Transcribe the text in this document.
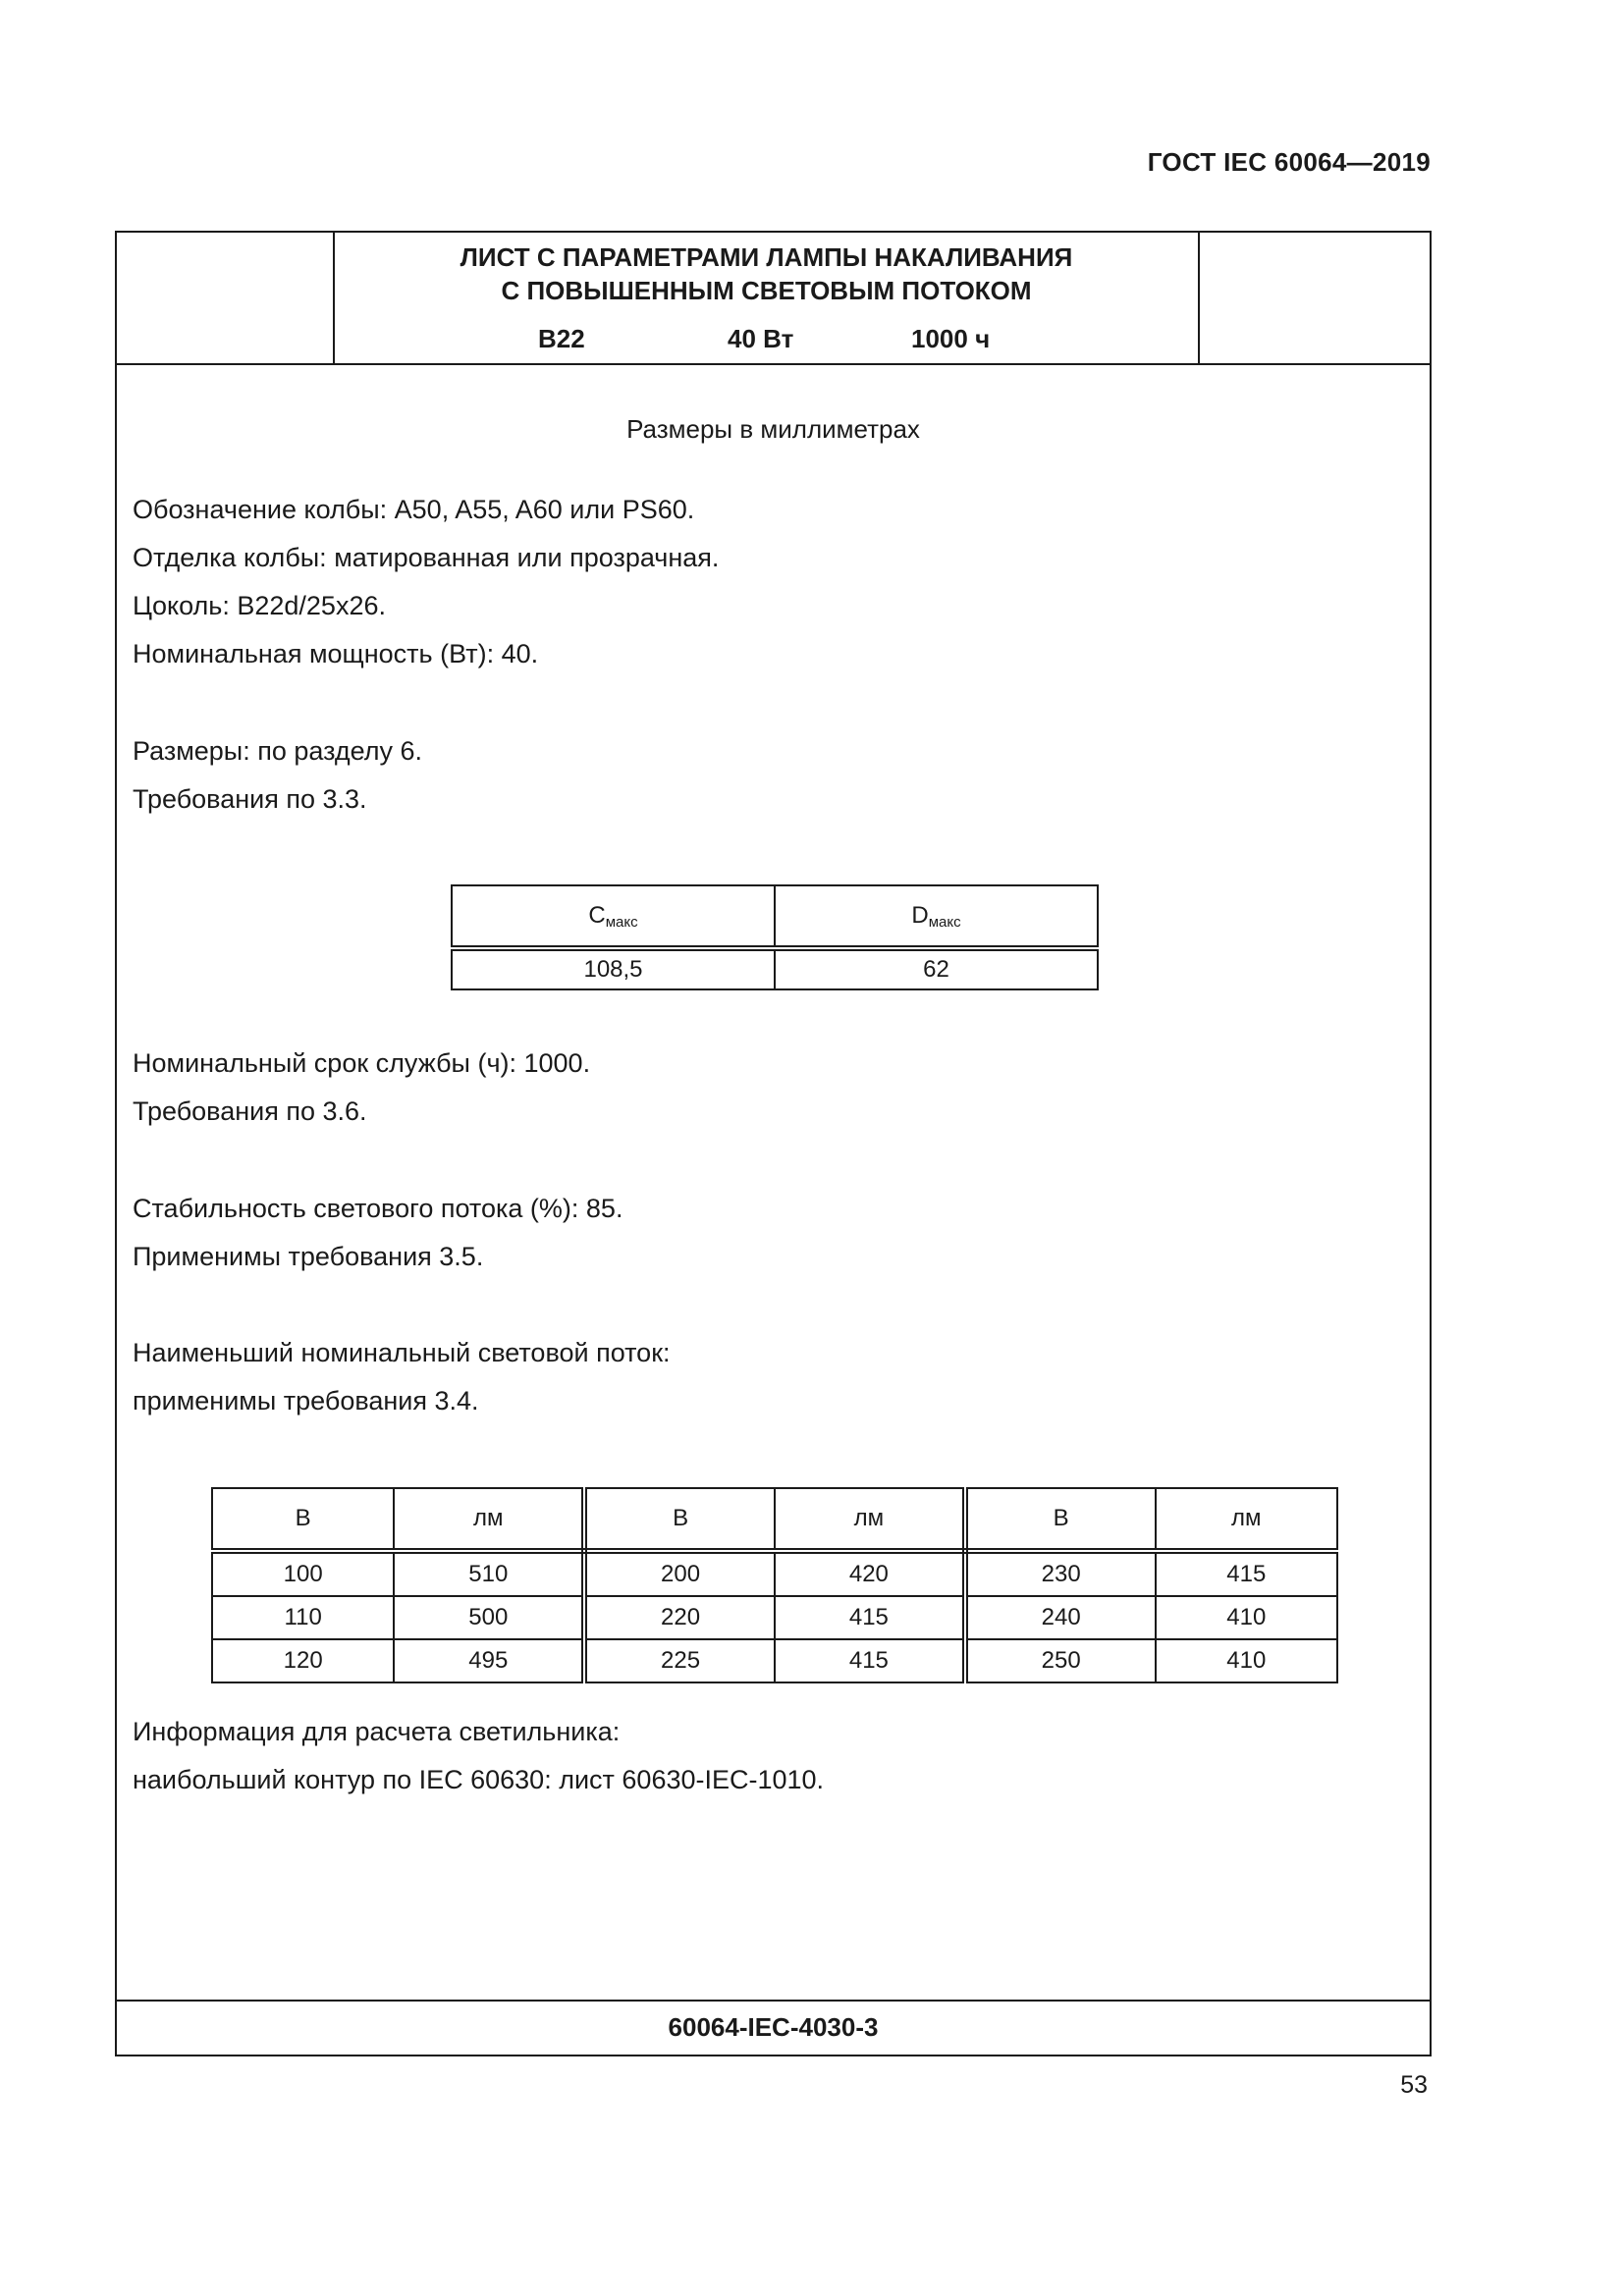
ГОСТ IEC 60064—2019
ЛИСТ С ПАРАМЕТРАМИ ЛАМПЫ НАКАЛИВАНИЯ
С ПОВЫШЕННЫМ СВЕТОВЫМ ПОТОКОМ
B22	40 Вт	1000 ч
Размеры в миллиметрах
Обозначение колбы: A50, A55, A60 или PS60.
Отделка колбы: матированная или прозрачная.
Цоколь: B22d/25x26.
Номинальная мощность (Вт): 40.
Размеры: по разделу 6.
Требования по 3.3.
$C_{макс}$	$D_{макс}$
108,5	62
Номинальный срок службы (ч): 1000.
Требования по 3.6.
Стабильность светового потока (%): 85.
Применимы требования 3.5.
Наименьший номинальный световой поток:
применимы требования 3.4.
В	лм	В	лм	В	лм
100	510	200	420	230	415
110	500	220	415	240	410
120	495	225	415	250	410
Информация для расчета светильника:
наибольший контур по IEC 60630: лист 60630-IEC-1010.
60064-IEC-4030-3
53
